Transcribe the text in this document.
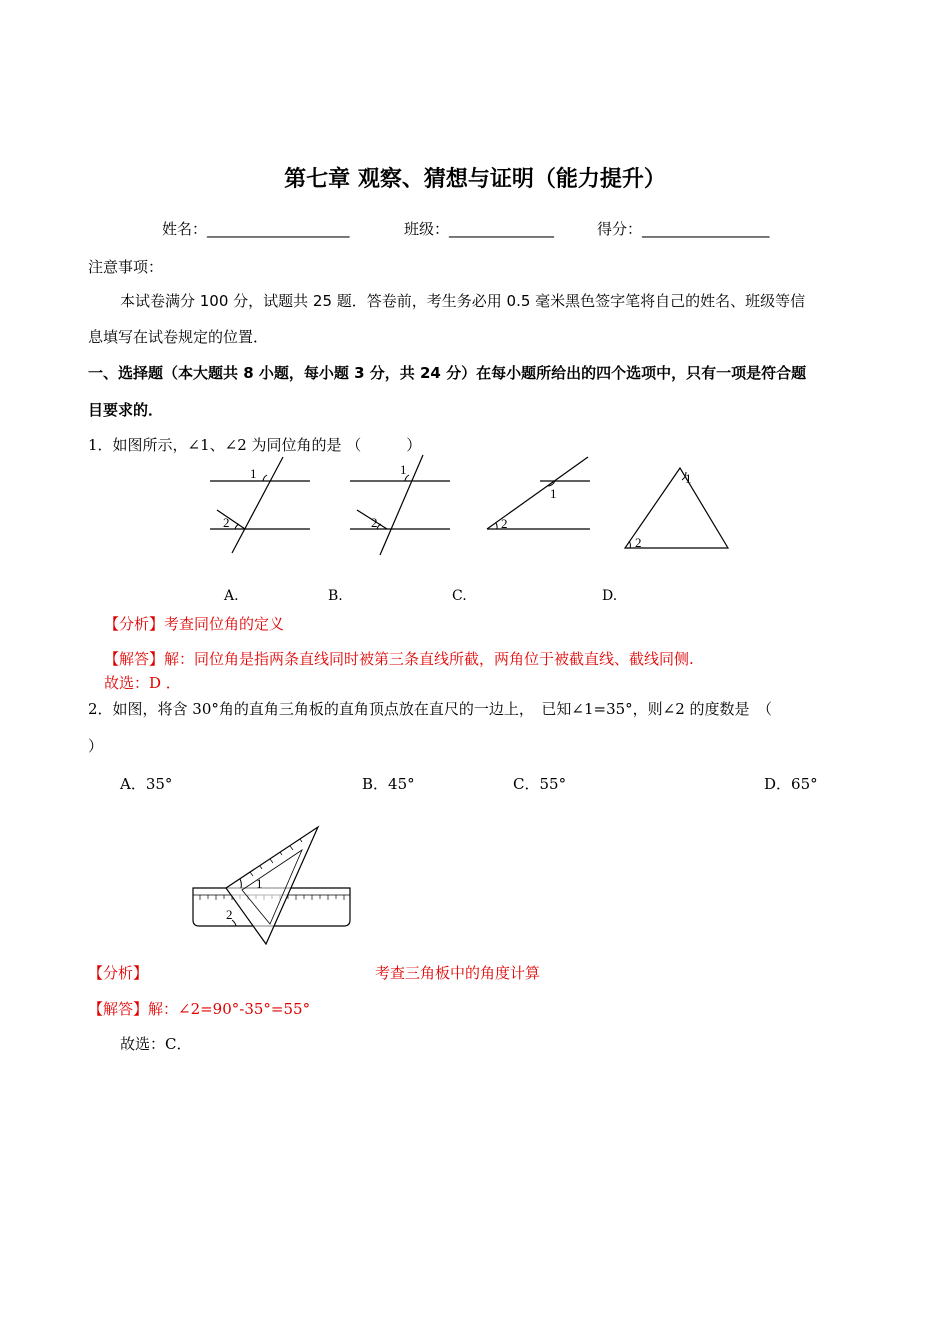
第七章 观察、猜想与证明（能力提升）
姓名：___________________	班级：______________	得分：_________________
注意事项：
本试卷满分 100 分，试题共 25 题．答卷前，考生务必用 0.5 毫米黑色签字笔将自己的姓名、班级等信
息填写在试卷规定的位置．
一、选择题（本大题共 8 小题，每小题 3 分，共 24 分）在每小题所给出的四个选项中，只有一项是符合题
目要求的．
1．如图所示，∠1、∠2 为同位角的是 （　　　）
1
2
1
2
1
2
1
2
A.	B.	C.	D.
【分析】考查同位角的定义
【解答】解：同位角是指两条直线同时被第三条直线所截，两角位于被截直线、截线同侧.
故选：D ．
2．如图，将含 30°角的直角三角板的直角顶点放在直尺的一边上，　已知∠1=35°，则∠2 的度数是　（
）
A．35°	B．45°	C．55°	D．65°
1
2
【分析】	考查三角板中的角度计算
【解答】解：∠2=90°-35°=55°
故选：C．
